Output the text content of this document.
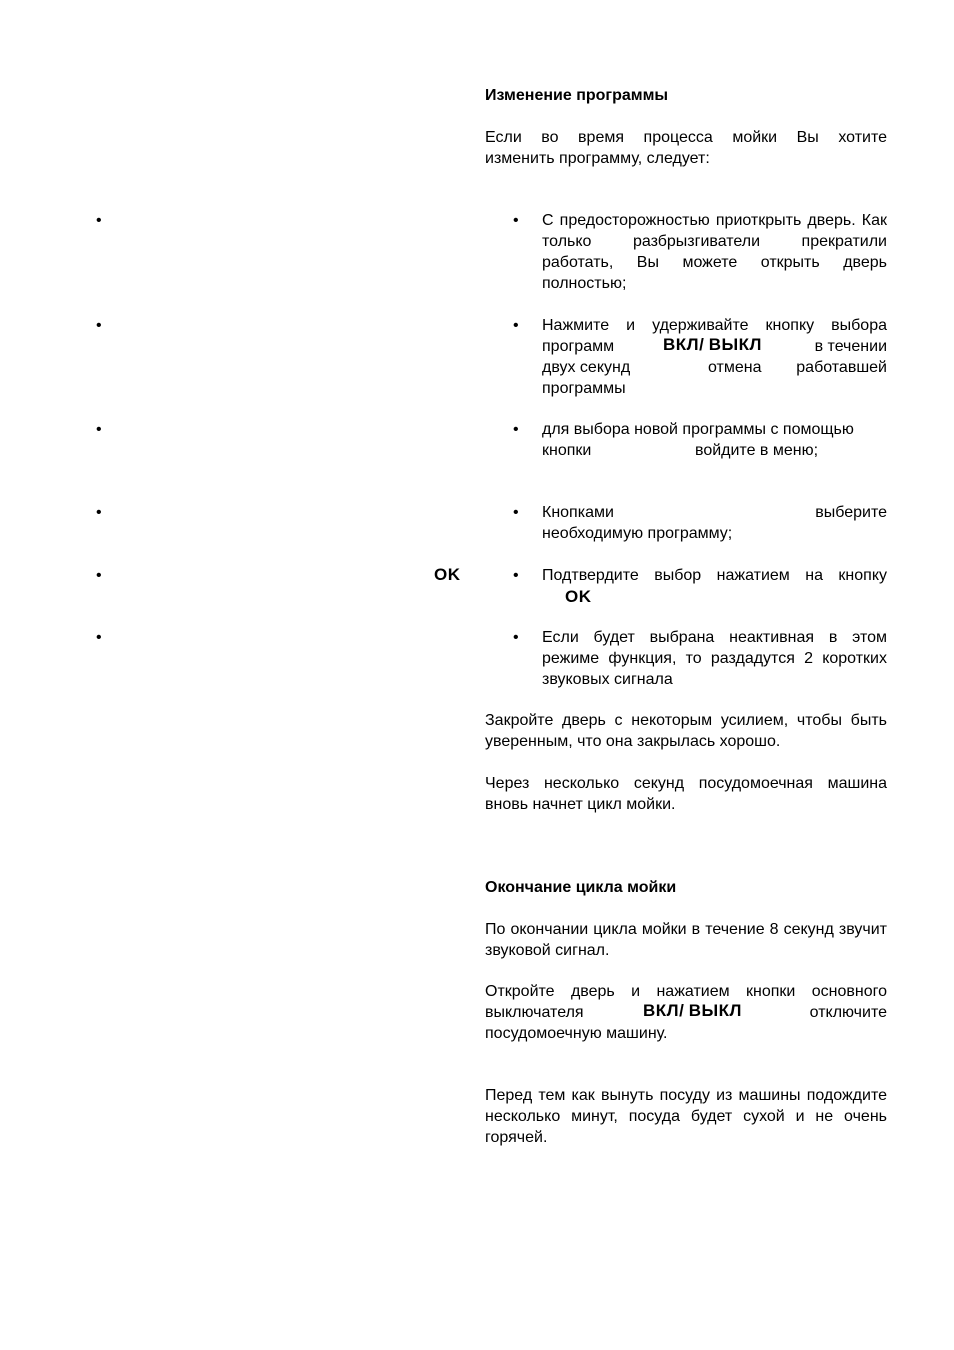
•
•
•
•
•	OK
•
Изменение программы
Если во время процесса мойки Вы хотите
изменить программу, следует:
• С предосторожностью приоткрыть дверь. Как только разбрызгиватели прекратили работать, Вы можете открыть дверь полностью;
• Нажмите и удерживайте кнопку выбора
программ	ВКЛ/ ВЫКЛ	в течении
двух секунд	отмена работавшей
программы
• для выбора новой программы с помощью
кнопки	войдите в меню;
• Кнопками	выберите
необходимую программу;
• Подтвердите выбор нажатием на кнопку
OK
• Если будет выбрана неактивная в этом режиме функция, то раздадутся 2 коротких звуковых сигнала
Закройте дверь с некоторым усилием, чтобы быть уверенным, что она закрылась хорошо.
Через несколько секунд посудомоечная машина вновь начнет цикл мойки.
Окончание цикла мойки
По окончании цикла мойки в течение 8 секунд звучит звуковой сигнал.
Откройте дверь и нажатием кнопки основного
выключателя	ВКЛ/ ВЫКЛ	отключите
посудомоечную машину.
Перед тем как вынуть посуду из машины подождите несколько минут, посуда будет сухой и не очень горячей.
